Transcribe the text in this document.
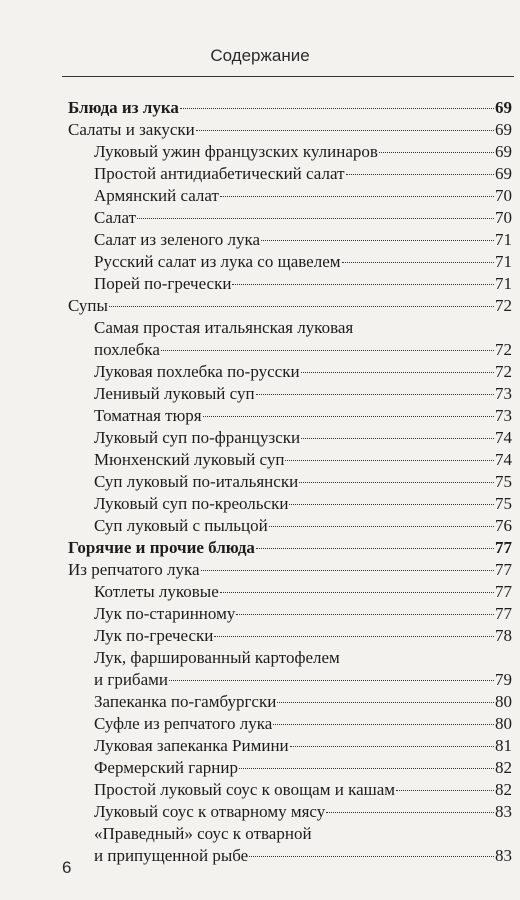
Содержание
Блюда из лука	69
Салаты и закуски	69
Луковый ужин французских кулинаров	69
Простой антидиабетический салат	69
Армянский салат	70
Салат	70
Салат из зеленого лука	71
Русский салат из лука со щавелем	71
Порей по-гречески	71
Супы	72
Самая простая итальянская луковая
похлебка	72
Луковая похлебка по-русски	72
Ленивый луковый суп	73
Томатная тюря	73
Луковый суп по-французски	74
Мюнхенский луковый суп	74
Суп луковый по-итальянски	75
Луковый суп по-креольски	75
Суп луковый с пыльцой	76
Горячие и прочие блюда	77
Из репчатого лука	77
Котлеты луковые	77
Лук по-старинному	77
Лук по-гречески	78
Лук, фаршированный картофелем
и грибами	79
Запеканка по-гамбургски	80
Суфле из репчатого лука	80
Луковая запеканка Римини	81
Фермерский гарнир	82
Простой луковый соус к овощам и кашам	82
Луковый соус к отварному мясу	83
«Праведный» соус к отварной
и припущенной рыбе	83
6
